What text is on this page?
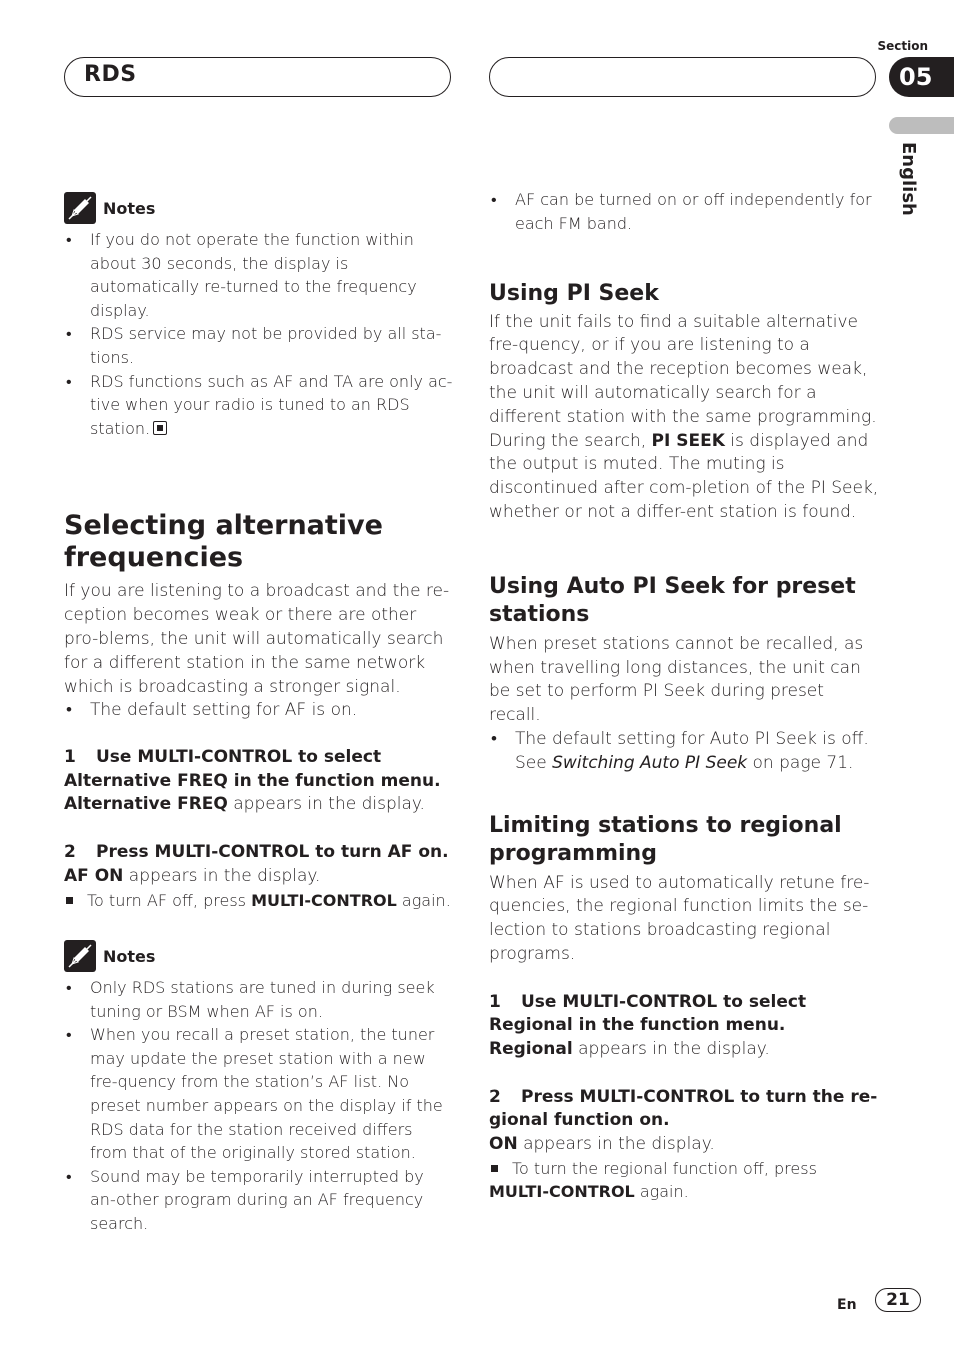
RDS
Section
05
English
Notes
• If you do not operate the function within about 30 seconds, the display is automatically re-turned to the frequency display.
• RDS service may not be provided by all sta-tions.
• RDS functions such as AF and TA are only ac-tive when your radio is tuned to an RDS station.
Selecting alternative frequencies
If you are listening to a broadcast and the re-ception becomes weak or there are other pro-blems, the unit will automatically search for a different station in the same network which is broadcasting a stronger signal.
• The default setting for AF is on.
1 Use MULTI-CONTROL to select Alternative FREQ in the function menu.
Alternative FREQ appears in the display.
2 Press MULTI-CONTROL to turn AF on.
AF ON appears in the display.
To turn AF off, press MULTI-CONTROL again.
Notes
• Only RDS stations are tuned in during seek tuning or BSM when AF is on.
• When you recall a preset station, the tuner may update the preset station with a new fre-quency from the station’s AF list. No preset number appears on the display if the RDS data for the station received differs from that of the originally stored station.
• Sound may be temporarily interrupted by an-other program during an AF frequency search.
• AF can be turned on or off independently for each FM band.
Using PI Seek
If the unit fails to find a suitable alternative fre-quency, or if you are listening to a broadcast and the reception becomes weak, the unit will automatically search for a different station with the same programming. During the search, PI SEEK is displayed and the output is muted. The muting is discontinued after com-pletion of the PI Seek, whether or not a differ-ent station is found.
Using Auto PI Seek for preset stations
When preset stations cannot be recalled, as when travelling long distances, the unit can be set to perform PI Seek during preset recall.
• The default setting for Auto PI Seek is off. See Switching Auto PI Seek on page 71.
Limiting stations to regional programming
When AF is used to automatically retune fre-quencies, the regional function limits the se-lection to stations broadcasting regional programs.
1 Use MULTI-CONTROL to select Regional in the function menu.
Regional appears in the display.
2 Press MULTI-CONTROL to turn the re-gional function on.
ON appears in the display.
To turn the regional function off, press MULTI-CONTROL again.
En	21
